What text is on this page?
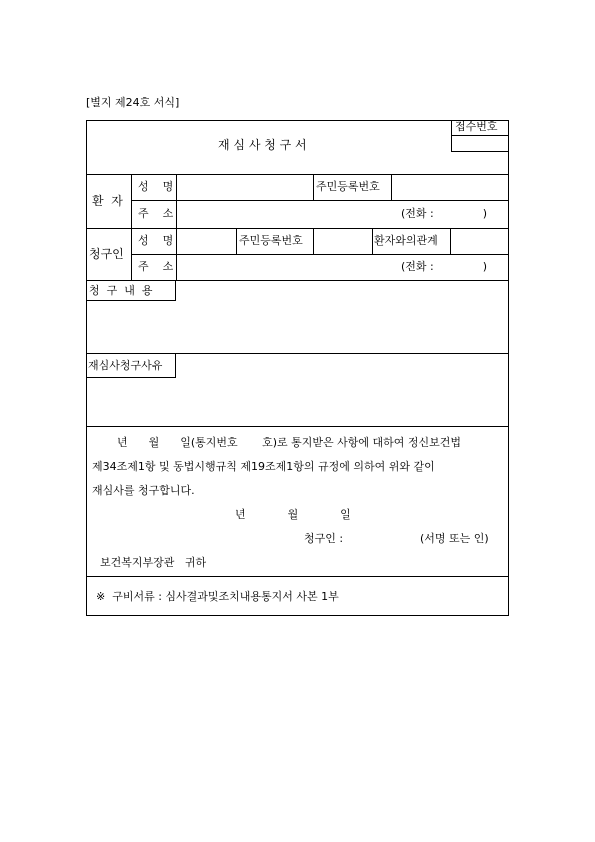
[별지 제24호 서식]
접수번호
재 심 사 청 구 서
환  자
성    명	주민등록번호
주    소	(전화 :              )
청구인
성    명	주민등록번호	환자와의관계
주    소	(전화 :              )
청  구  내  용
재심사청구사유
년      월      일(통지번호       호)로 통지받은 사항에 대하여 정신보건법
제34조제1항 및 동법시행규칙 제19조제1항의 규정에 의하여 위와 같이
재심사를 청구합니다.
년            월            일
청구인 :	(서명 또는 인)
보건복지부장관   귀하
※  구비서류 : 심사결과및조치내용통지서 사본 1부
